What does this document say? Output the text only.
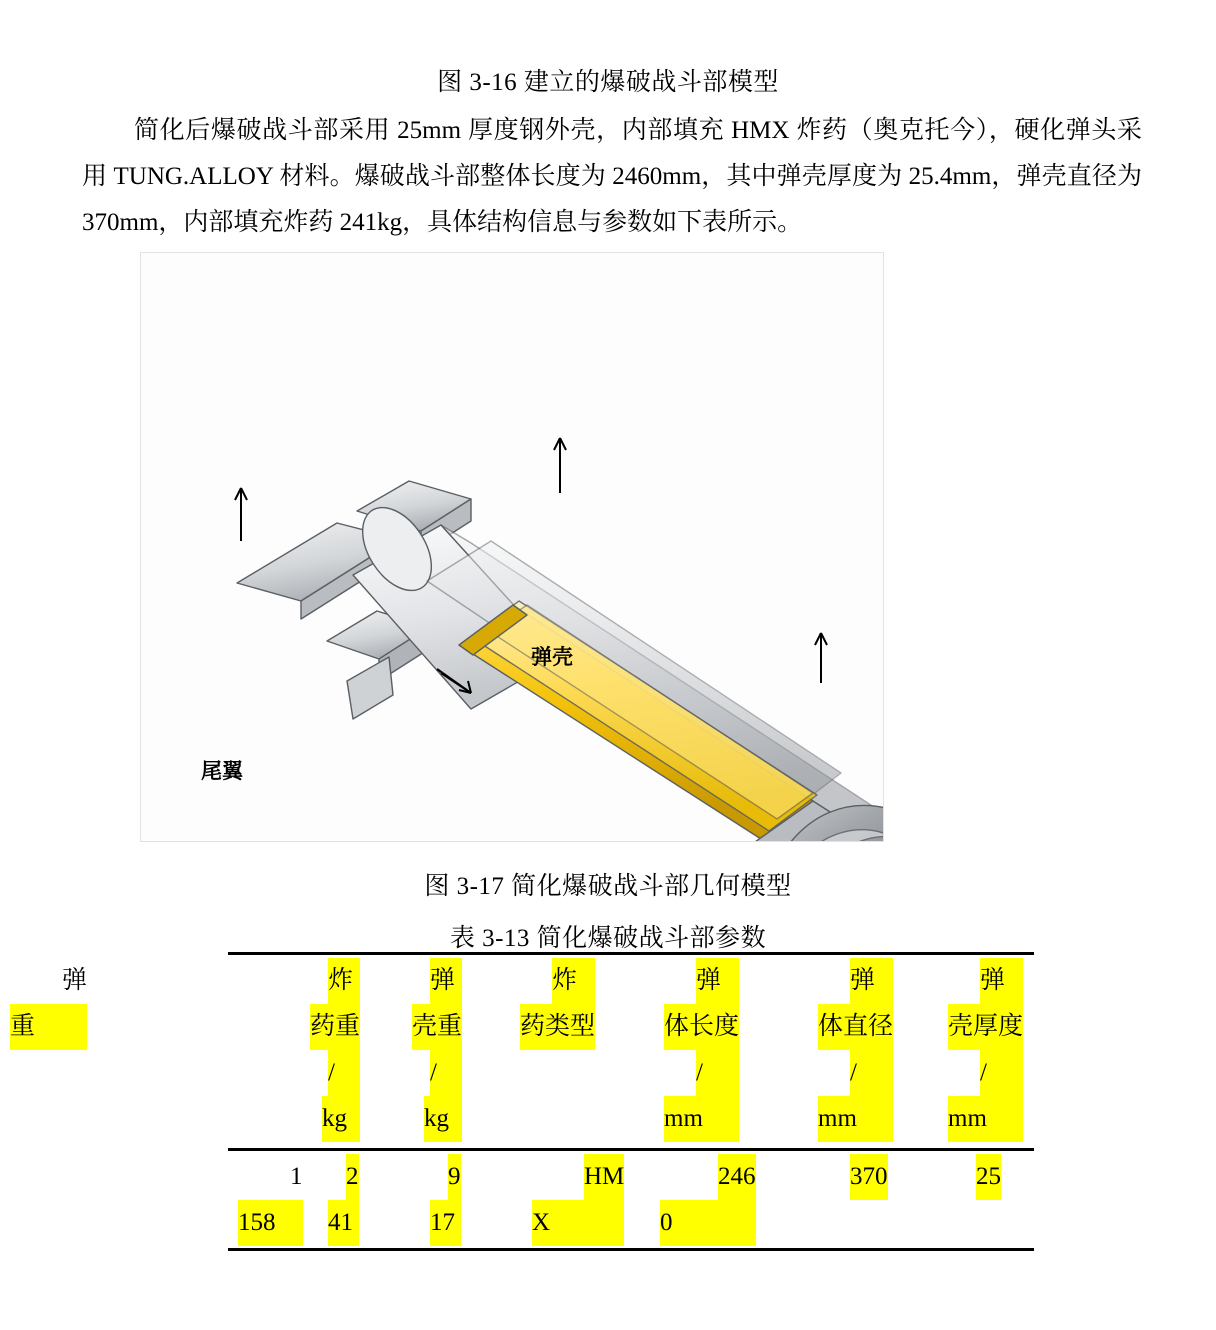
图 3-16 建立的爆破战斗部模型
简化后爆破战斗部采用 25mm 厚度钢外壳，内部填充 HMX 炸药（奥克托今），硬化弹头采用 TUNG.ALLOY 材料。爆破战斗部整体长度为 2460mm，其中弹壳厚度为 25.4mm，弹壳直径为 370mm，内部填充炸药 241kg，具体结构信息与参数如下表所示。
弹壳
尾翼
图 3-17 简化爆破战斗部几何模型
表 3-13 简化爆破战斗部参数
弹
重
1
158
炸
药重
/
kg
2
41
弹
壳重
/
kg
9
17
炸
药类型
HM
X
弹
体长度
/
mm
246
0
弹
体直径
/
mm
370
弹
壳厚度
/
mm
25
